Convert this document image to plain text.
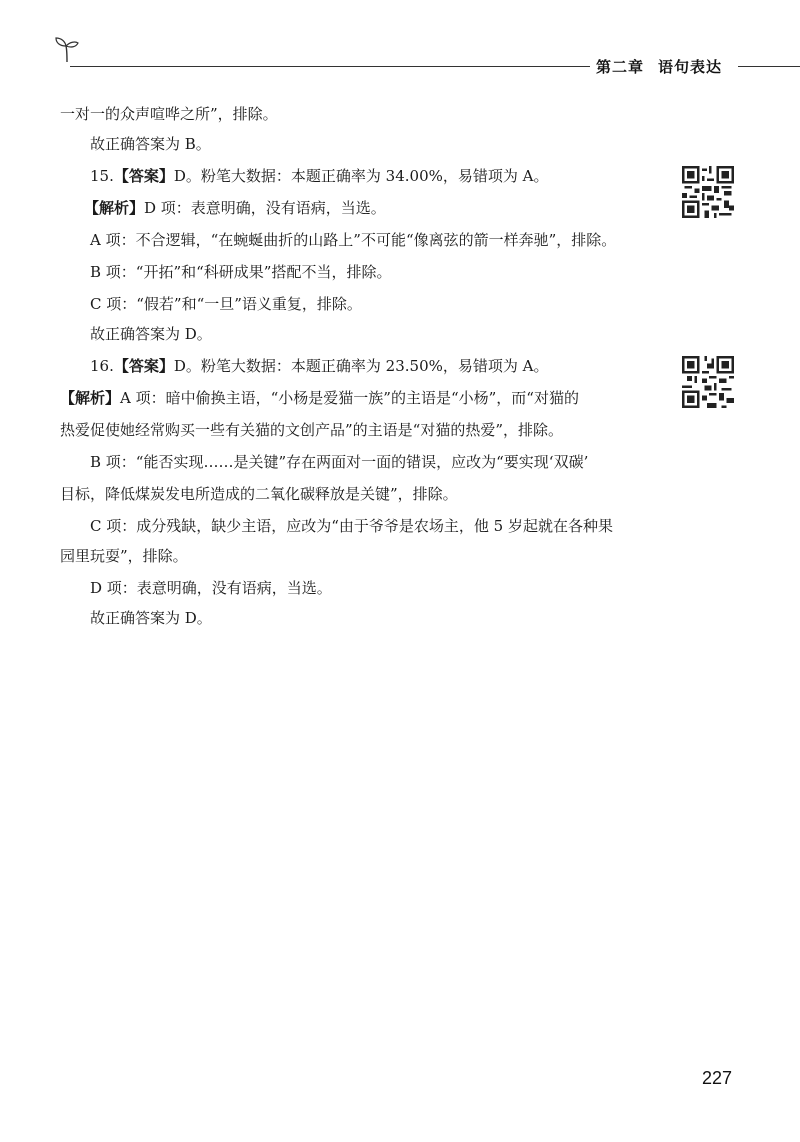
第二章 语句表达
一对一的众声喧哗之所”，排除。
故正确答案为 B。
15.【答案】D。粉笔大数据：本题正确率为 34.00%，易错项为 A。
【解析】D 项：表意明确，没有语病，当选。
A 项：不合逻辑，“在蜿蜒曲折的山路上”不可能“像离弦的箭一样奔驰”，排除。
B 项：“开拓”和“科研成果”搭配不当，排除。
C 项：“假若”和“一旦”语义重复，排除。
故正确答案为 D。
16.【答案】D。粉笔大数据：本题正确率为 23.50%，易错项为 A。
【解析】A 项：暗中偷换主语，“小杨是爱猫一族”的主语是“小杨”，而“对猫的
热爱促使她经常购买一些有关猫的文创产品”的主语是“对猫的热爱”，排除。
B 项：“能否实现……是关键”存在两面对一面的错误，应改为“要实现‘双碳’
目标，降低煤炭发电所造成的二氧化碳释放是关键”，排除。
C 项：成分残缺，缺少主语，应改为“由于爷爷是农场主，他 5 岁起就在各种果
园里玩耍”，排除。
D 项：表意明确，没有语病，当选。
故正确答案为 D。
227
